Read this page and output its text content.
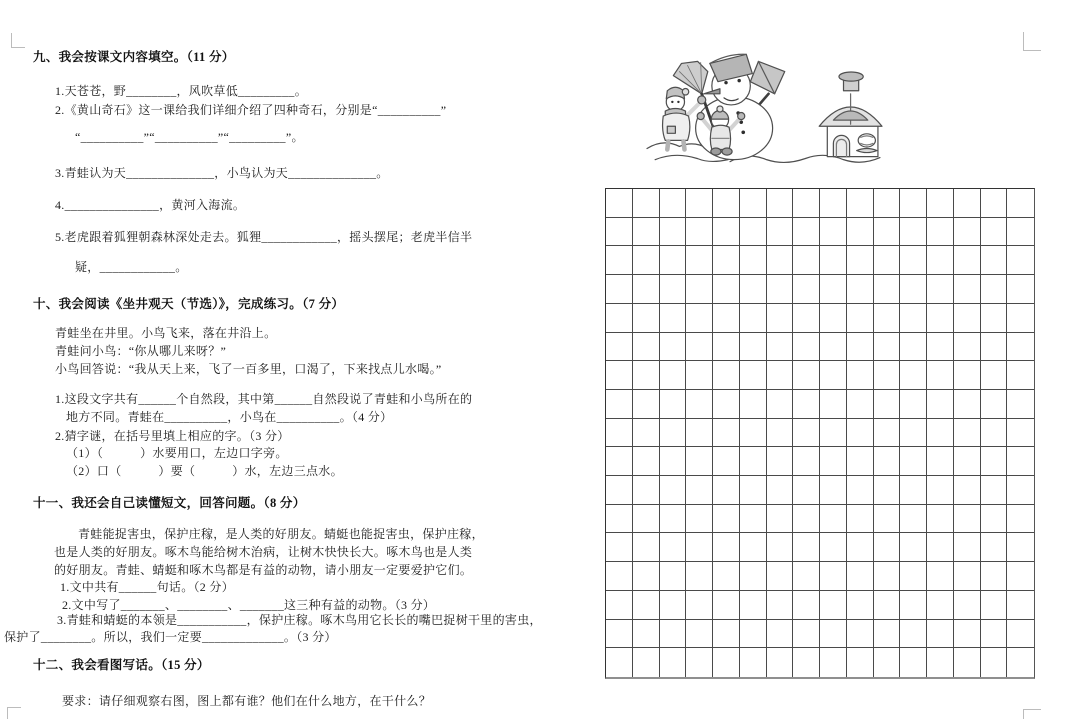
九、我会按课文内容填空。（11 分）
1.天苍苍，野________，风吹草低_________。
2.《黄山奇石》这一课给我们详细介绍了四种奇石，分别是“__________”
“__________”“__________”“_________”。
3.青蛙认为天______________，小鸟认为天______________。
4._______________，黄河入海流。
5.老虎跟着狐狸朝森林深处走去。狐狸____________，摇头摆尾；老虎半信半
疑，____________。
十、我会阅读《坐井观天（节选）》，完成练习。（7 分）
青蛙坐在井里。小鸟飞来，落在井沿上。
青蛙问小鸟：“你从哪儿来呀？”
小鸟回答说：“我从天上来，飞了一百多里，口渴了，下来找点儿水喝。”
1.这段文字共有______个自然段，其中第______自然段说了青蛙和小鸟所在的
地方不同。青蛙在__________，小鸟在__________。（4 分）
2.猜字谜，在括号里填上相应的字。（3 分）
（1）（　　　）水要用口，左边口字旁。
（2）口（　　　）要（　　　）水，左边三点水。
十一、我还会自己读懂短文，回答问题。（8 分）
青蛙能捉害虫，保护庄稼，是人类的好朋友。蜻蜓也能捉害虫，保护庄稼，
也是人类的好朋友。啄木鸟能给树木治病，让树木快快长大。啄木鸟也是人类
的好朋友。青蛙、蜻蜓和啄木鸟都是有益的动物，请小朋友一定要爱护它们。
1.文中共有______句话。（2 分）
2.文中写了_______、________、_______这三种有益的动物。（3 分）
3.青蛙和蜻蜓的本领是___________，保护庄稼。啄木鸟用它长长的嘴巴捉树干里的害虫，
保护了________。所以，我们一定要_____________。（3 分）
十二、我会看图写话。（15 分）
要求：请仔细观察右图，图上都有谁？他们在什么地方，在干什么？
